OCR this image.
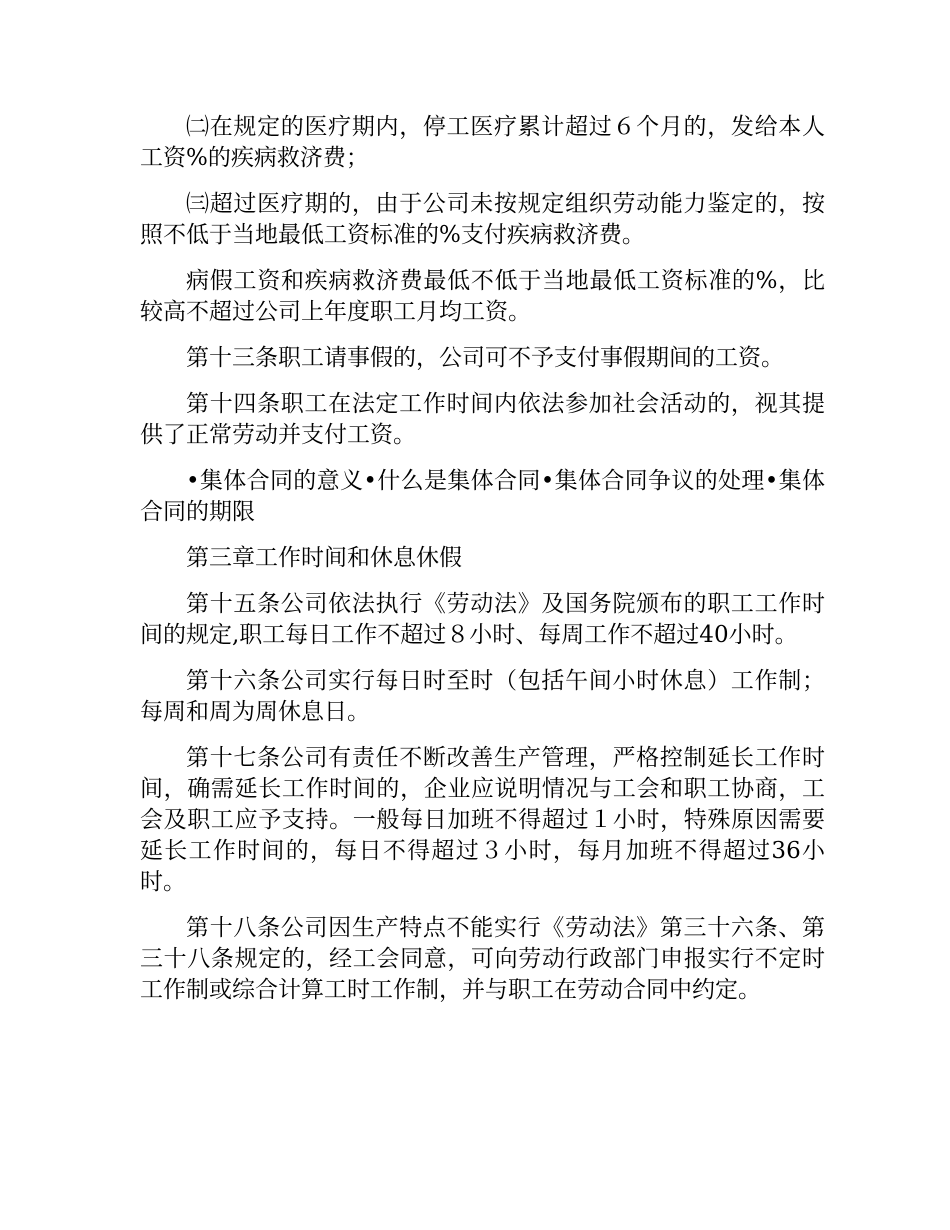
㈡在规定的医疗期内，停工医疗累计超过６个月的，发给本人工资%的疾病救济费；

㈢超过医疗期的，由于公司未按规定组织劳动能力鉴定的，按照不低于当地最低工资标准的%支付疾病救济费。

病假工资和疾病救济费最低不低于当地最低工资标准的%，比较高不超过公司上年度职工月均工资。

第十三条职工请事假的，公司可不予支付事假期间的工资。

第十四条职工在法定工作时间内依法参加社会活动的，视其提供了正常劳动并支付工资。

•集体合同的意义•什么是集体合同•集体合同争议的处理•集体合同的期限

第三章工作时间和休息休假

第十五条公司依法执行《劳动法》及国务院颁布的职工工作时间的规定,职工每日工作不超过８小时、每周工作不超过40小时。

第十六条公司实行每日时至时（包括午间小时休息）工作制；每周和周为周休息日。

第十七条公司有责任不断改善生产管理，严格控制延长工作时间，确需延长工作时间的，企业应说明情况与工会和职工协商，工会及职工应予支持。一般每日加班不得超过１小时，特殊原因需要延长工作时间的，每日不得超过３小时，每月加班不得超过36小时。

第十八条公司因生产特点不能实行《劳动法》第三十六条、第三十八条规定的，经工会同意，可向劳动行政部门申报实行不定时工作制或综合计算工时工作制，并与职工在劳动合同中约定。
